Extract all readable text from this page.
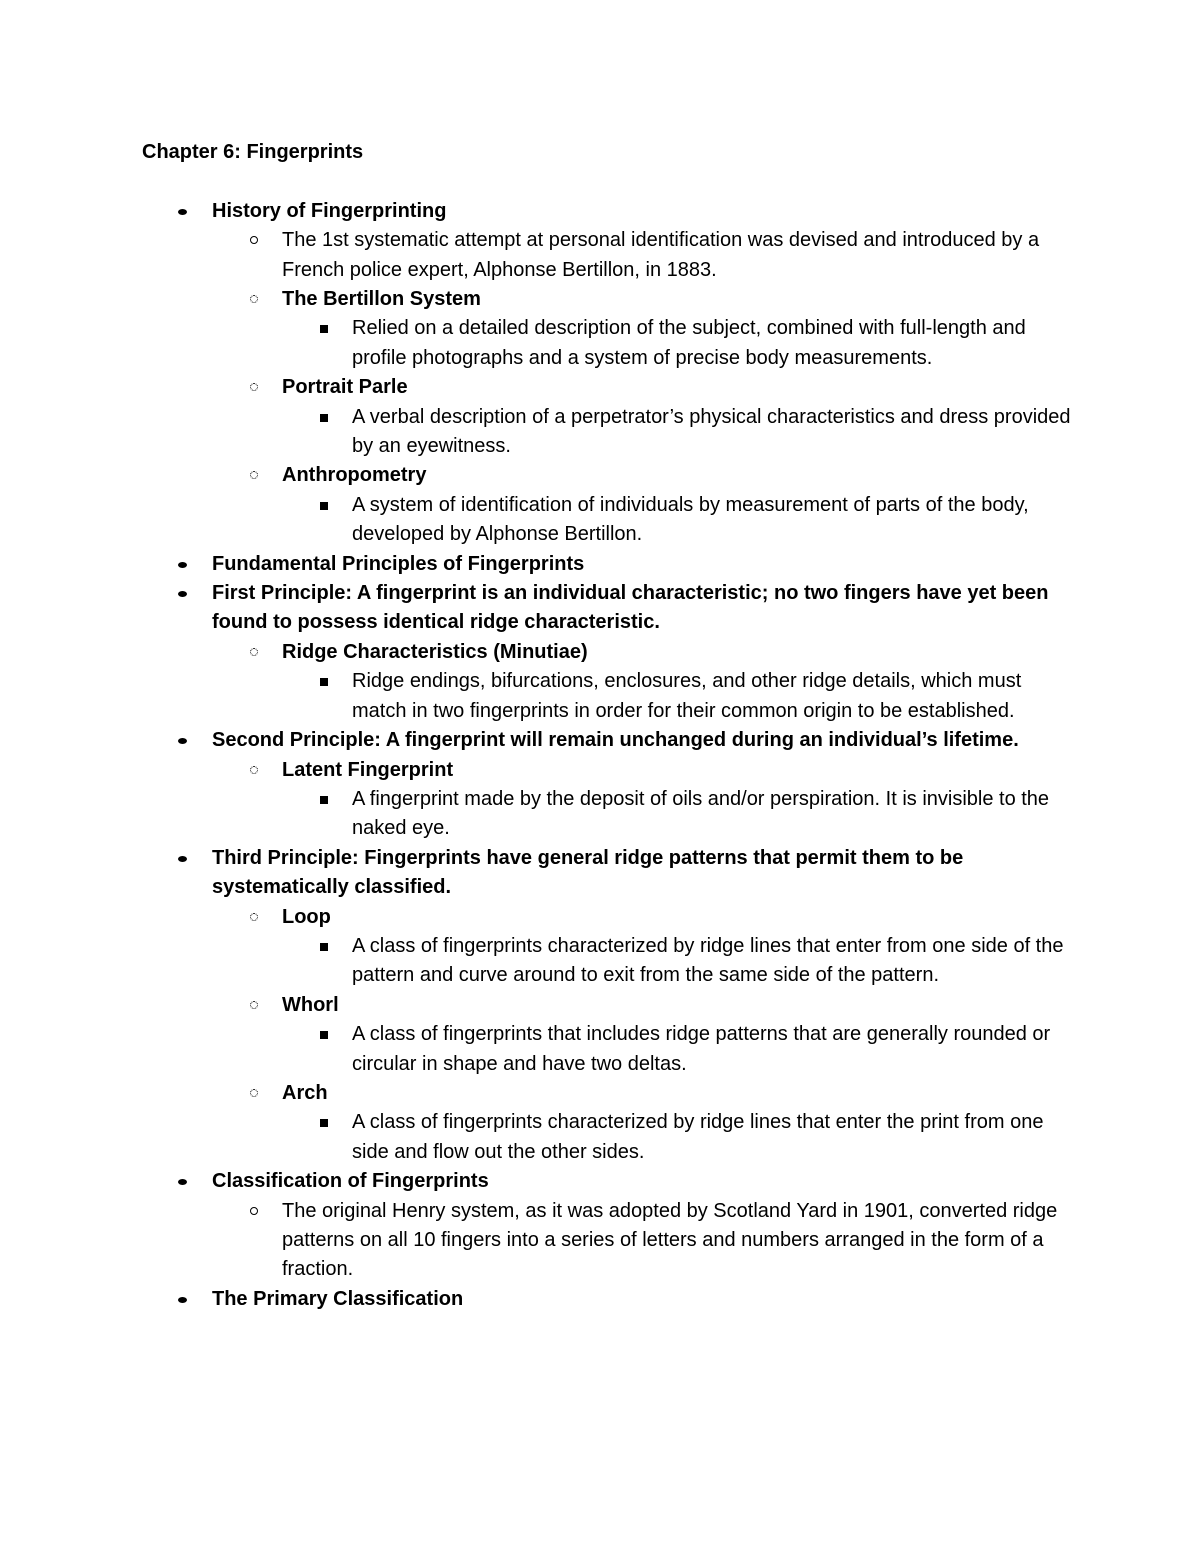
Chapter 6: Fingerprints
History of Fingerprinting
The 1st systematic attempt at personal identification was devised and introduced by a French police expert, Alphonse Bertillon, in 1883.
The Bertillon System
Relied on a detailed description of the subject, combined with full-length and profile photographs and a system of precise body measurements.
Portrait Parle
A verbal description of a perpetrator’s physical characteristics and dress provided by an eyewitness.
Anthropometry
A system of identification of individuals by measurement of parts of the body, developed by Alphonse Bertillon.
Fundamental Principles of Fingerprints
First Principle: A fingerprint is an individual characteristic; no two fingers have yet been found to possess identical ridge characteristic.
Ridge Characteristics (Minutiae)
Ridge endings, bifurcations, enclosures, and other ridge details, which must match in two fingerprints in order for their common origin to be established.
Second Principle: A fingerprint will remain unchanged during an individual’s lifetime.
Latent Fingerprint
A fingerprint made by the deposit of oils and/or perspiration. It is invisible to the naked eye.
Third Principle: Fingerprints have general ridge patterns that permit them to be systematically classified.
Loop
A class of fingerprints characterized by ridge lines that enter from one side of the pattern and curve around to exit from the same side of the pattern.
Whorl
A class of fingerprints that includes ridge patterns that are generally rounded or circular in shape and have two deltas.
Arch
A class of fingerprints characterized by ridge lines that enter the print from one side and flow out the other sides.
Classification of Fingerprints
The original Henry system, as it was adopted by Scotland Yard in 1901, converted ridge patterns on all 10 fingers into a series of letters and numbers arranged in the form of a fraction.
The Primary Classification
